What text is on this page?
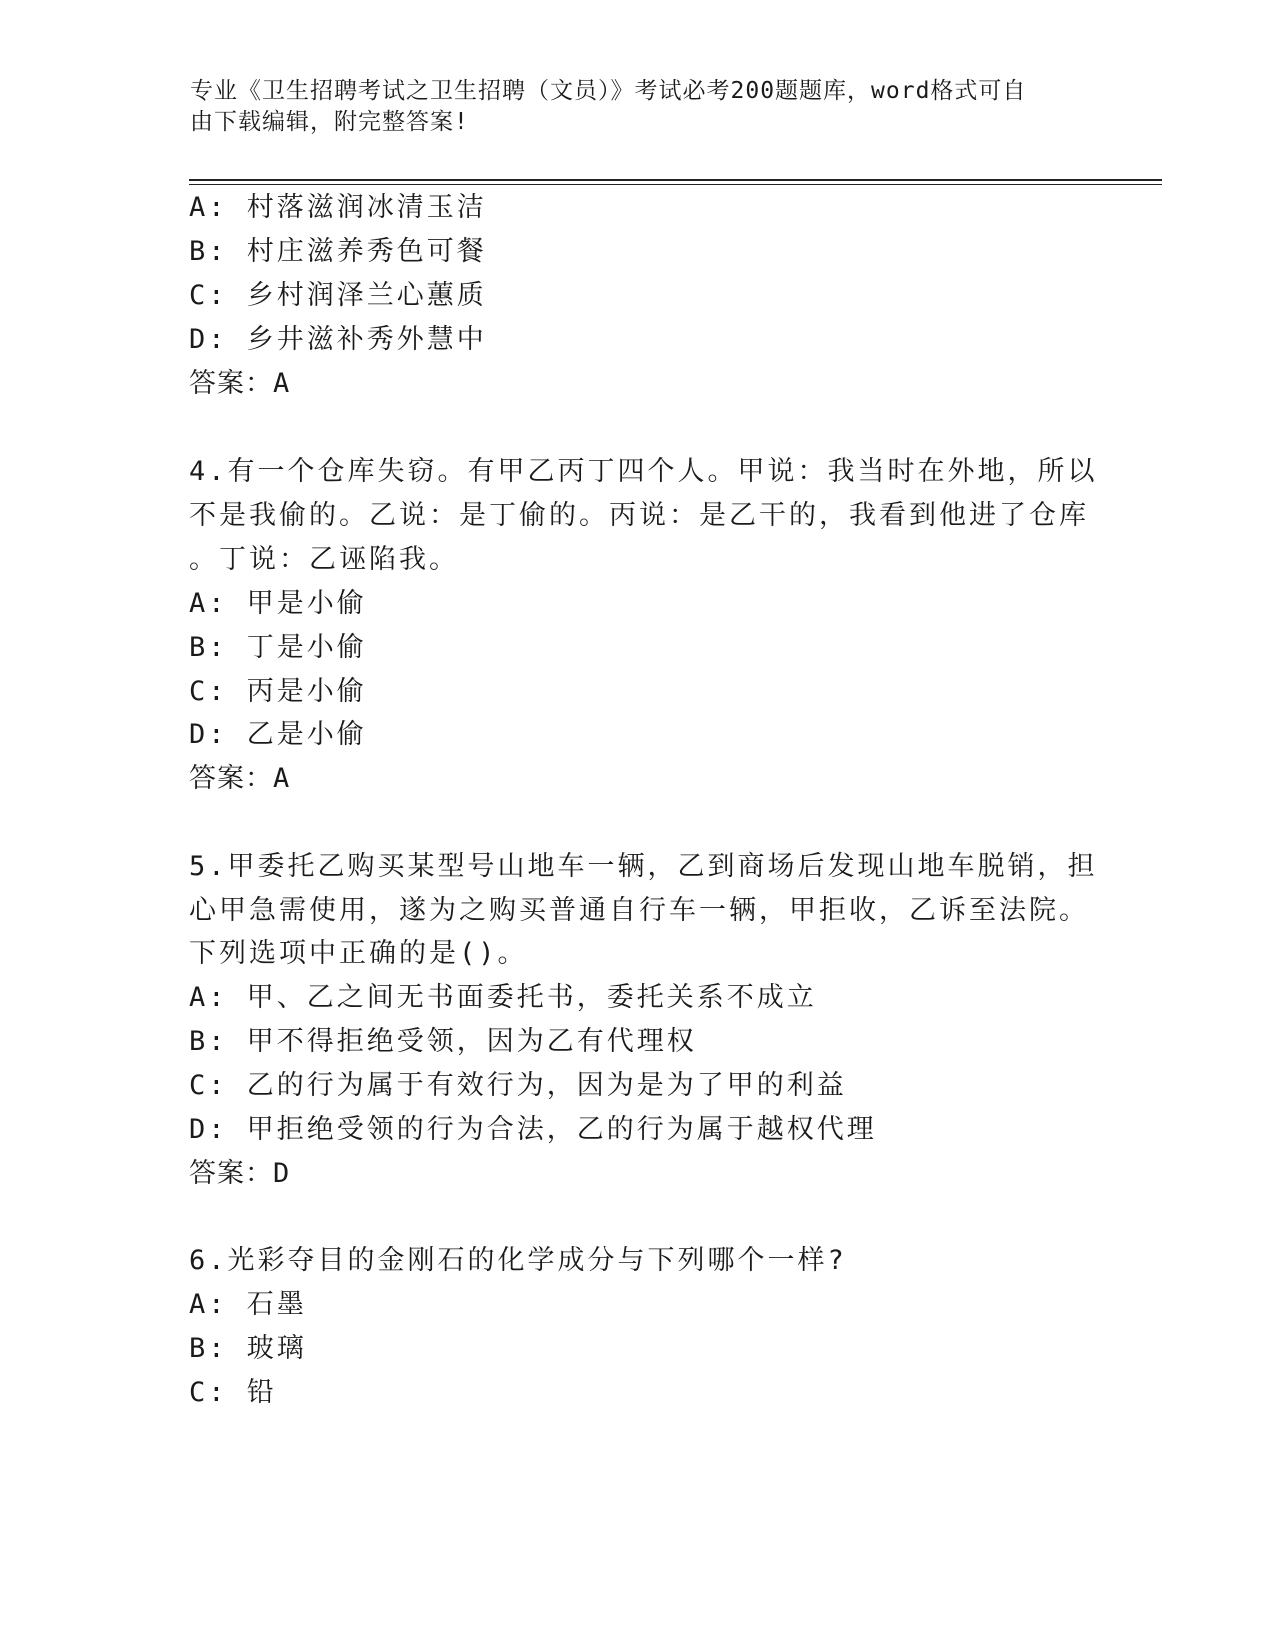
专业《卫生招聘考试之卫生招聘（文员）》考试必考200题题库，word格式可自
由下载编辑，附完整答案!
A: 村落滋润冰清玉洁
B: 村庄滋养秀色可餐
C: 乡村润泽兰心蕙质
D: 乡井滋补秀外慧中
答案：A
4.有一个仓库失窃。有甲乙丙丁四个人。甲说：我当时在外地，所以
不是我偷的。乙说：是丁偷的。丙说：是乙干的，我看到他进了仓库
。丁说：乙诬陷我。
A: 甲是小偷
B: 丁是小偷
C: 丙是小偷
D: 乙是小偷
答案：A
5.甲委托乙购买某型号山地车一辆，乙到商场后发现山地车脱销，担
心甲急需使用，遂为之购买普通自行车一辆，甲拒收，乙诉至法院。
下列选项中正确的是()。
A: 甲、乙之间无书面委托书，委托关系不成立
B: 甲不得拒绝受领，因为乙有代理权
C: 乙的行为属于有效行为，因为是为了甲的利益
D: 甲拒绝受领的行为合法，乙的行为属于越权代理
答案：D
6.光彩夺目的金刚石的化学成分与下列哪个一样?
A: 石墨
B: 玻璃
C: 铅
